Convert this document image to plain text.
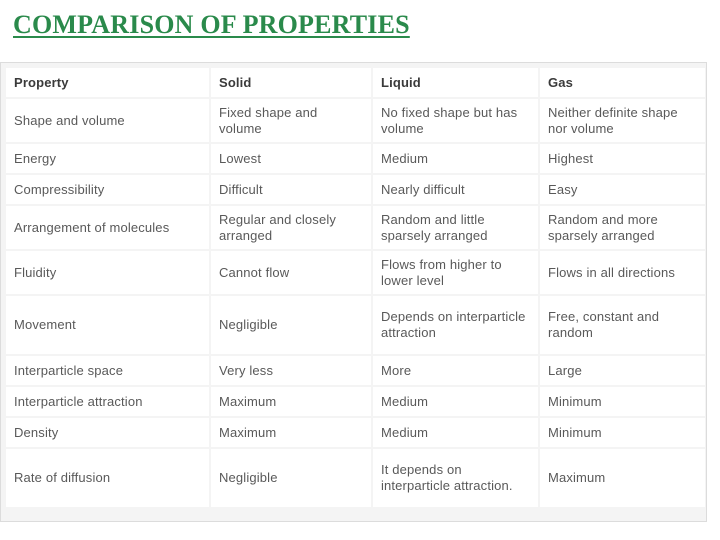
COMPARISON OF PROPERTIES
Property	Solid	Liquid	Gas
Shape and volume	Fixed shape and volume	No fixed shape but has volume	Neither definite shape nor volume
Energy	Lowest	Medium	Highest
Compressibility	Difficult	Nearly difficult	Easy
Arrangement of molecules	Regular and closely arranged	Random and little sparsely arranged	Random and more sparsely arranged
Fluidity	Cannot flow	Flows from higher to lower level	Flows in all directions
Movement	Negligible	Depends on interparticle attraction	Free, constant and random
Interparticle space	Very less	More	Large
Interparticle attraction	Maximum	Medium	Minimum
Density	Maximum	Medium	Minimum
Rate of diffusion	Negligible	It depends on interparticle attraction.	Maximum
